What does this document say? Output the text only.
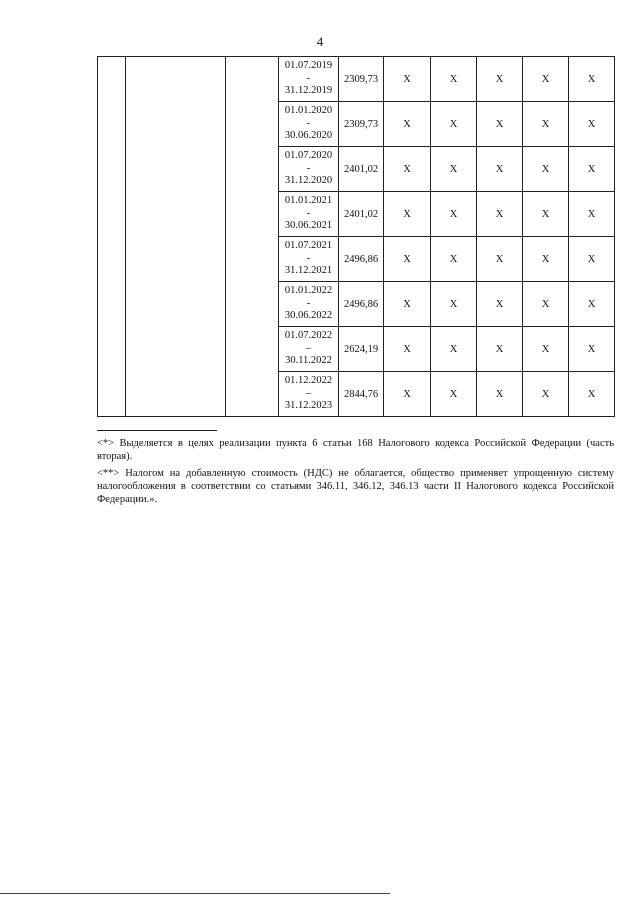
4

			01.07.2019
-
31.12.2019	2309,73	X	X	X	X	X

			01.01.2020
-
30.06.2020	2309,73	X	X	X	X	X

			01.07.2020
-
31.12.2020	2401,02	X	X	X	X	X

			01.01.2021
-
30.06.2021	2401,02	X	X	X	X	X

			01.07.2021
-
31.12.2021	2496,86	X	X	X	X	X

			01.01.2022
-
30.06.2022	2496,86	X	X	X	X	X

			01.07.2022
–
30.11.2022	2624,19	X	X	X	X	X

			01.12.2022
–
31.12.2023	2844,76	X	X	X	X	X

<*> Выделяется в целях реализации пункта 6 статьи 168 Налогового кодекса Российской Федерации (часть вторая).

<**> Налогом на добавленную стоимость (НДС) не облагается, общество применяет упрощенную систему налогообложения в соответствии со статьями 346.11, 346.12, 346.13 части II Налогового кодекса Российской Федерации.».
